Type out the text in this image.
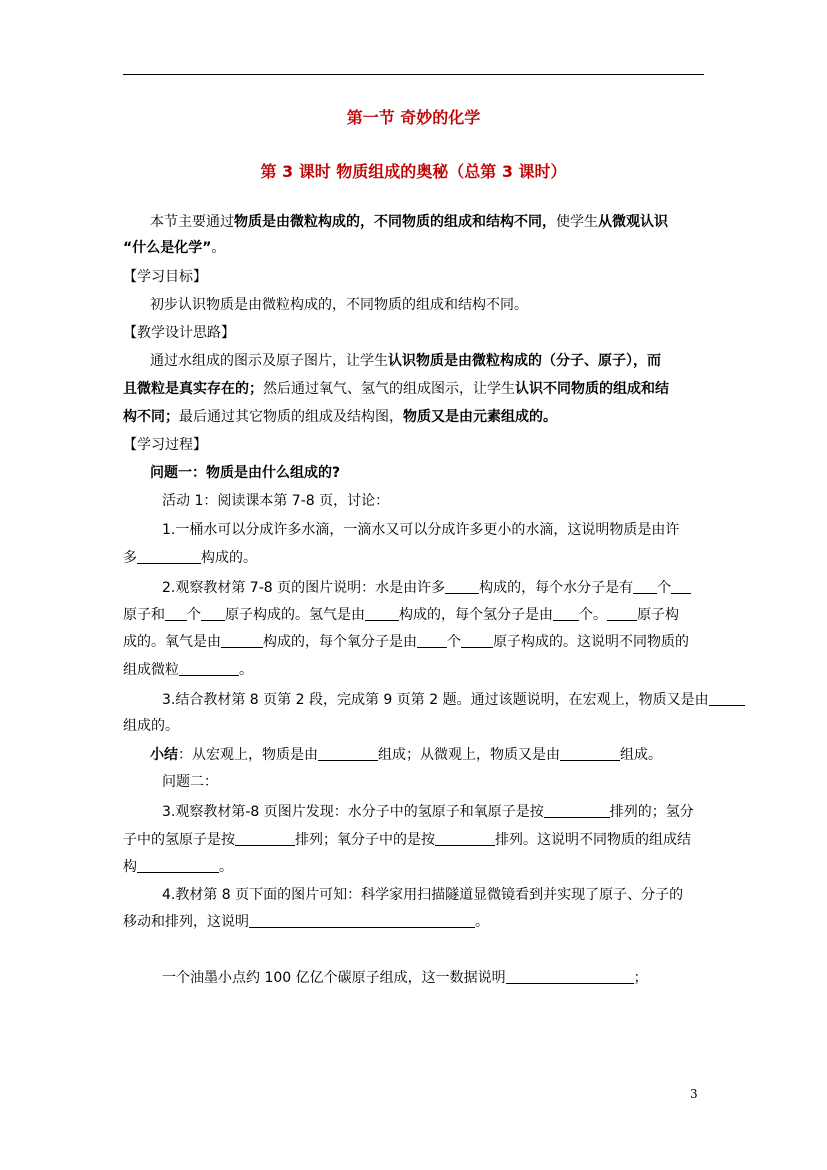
第一节 奇妙的化学
第 3 课时 物质组成的奥秘（总第 3 课时）
本节主要通过物质是由微粒构成的，不同物质的组成和结构不同，使学生从微观认识
“什么是化学”。
【学习目标】
初步认识物质是由微粒构成的，不同物质的组成和结构不同。
【教学设计思路】
通过水组成的图示及原子图片，让学生认识物质是由微粒构成的（分子、原子），而
且微粒是真实存在的；然后通过氧气、氢气的组成图示，让学生认识不同物质的组成和结
构不同；最后通过其它物质的组成及结构图，物质又是由元素组成的。
【学习过程】
问题一：物质是由什么组成的?
活动 1：阅读课本第 7-8 页，讨论：
1.一桶水可以分成许多水滴，一滴水又可以分成许多更小的水滴，这说明物质是由许
多	构成的。
2.观察教材第 7-8 页的图片说明：水是由许多 构成的，每个水分子是有 个
原子和 个 原子构成的。氢气是由 构成的，每个氢分子是由 个。 原子构
成的。氧气是由	构成的，每个氧分子是由 个 原子构成的。这说明不同物质的
组成微粒	。
3.结合教材第 8 页第 2 段，完成第 9 页第 2 题。通过该题说明，在宏观上，物质又是由
组成的。
小结：从宏观上，物质是由	组成；从微观上，物质又是由	组成。
问题二：
3.观察教材第-8 页图片发现：水分子中的氢原子和氧原子是按	排列的；氢分
子中的氢原子是按	排列；氧分子中的是按	排列。这说明不同物质的组成结
构	。
4.教材第 8 页下面的图片可知：科学家用扫描隧道显微镜看到并实现了原子、分子的
移动和排列，这说明	。
一个油墨小点约 100 亿亿个碳原子组成，这一数据说明	；
3
